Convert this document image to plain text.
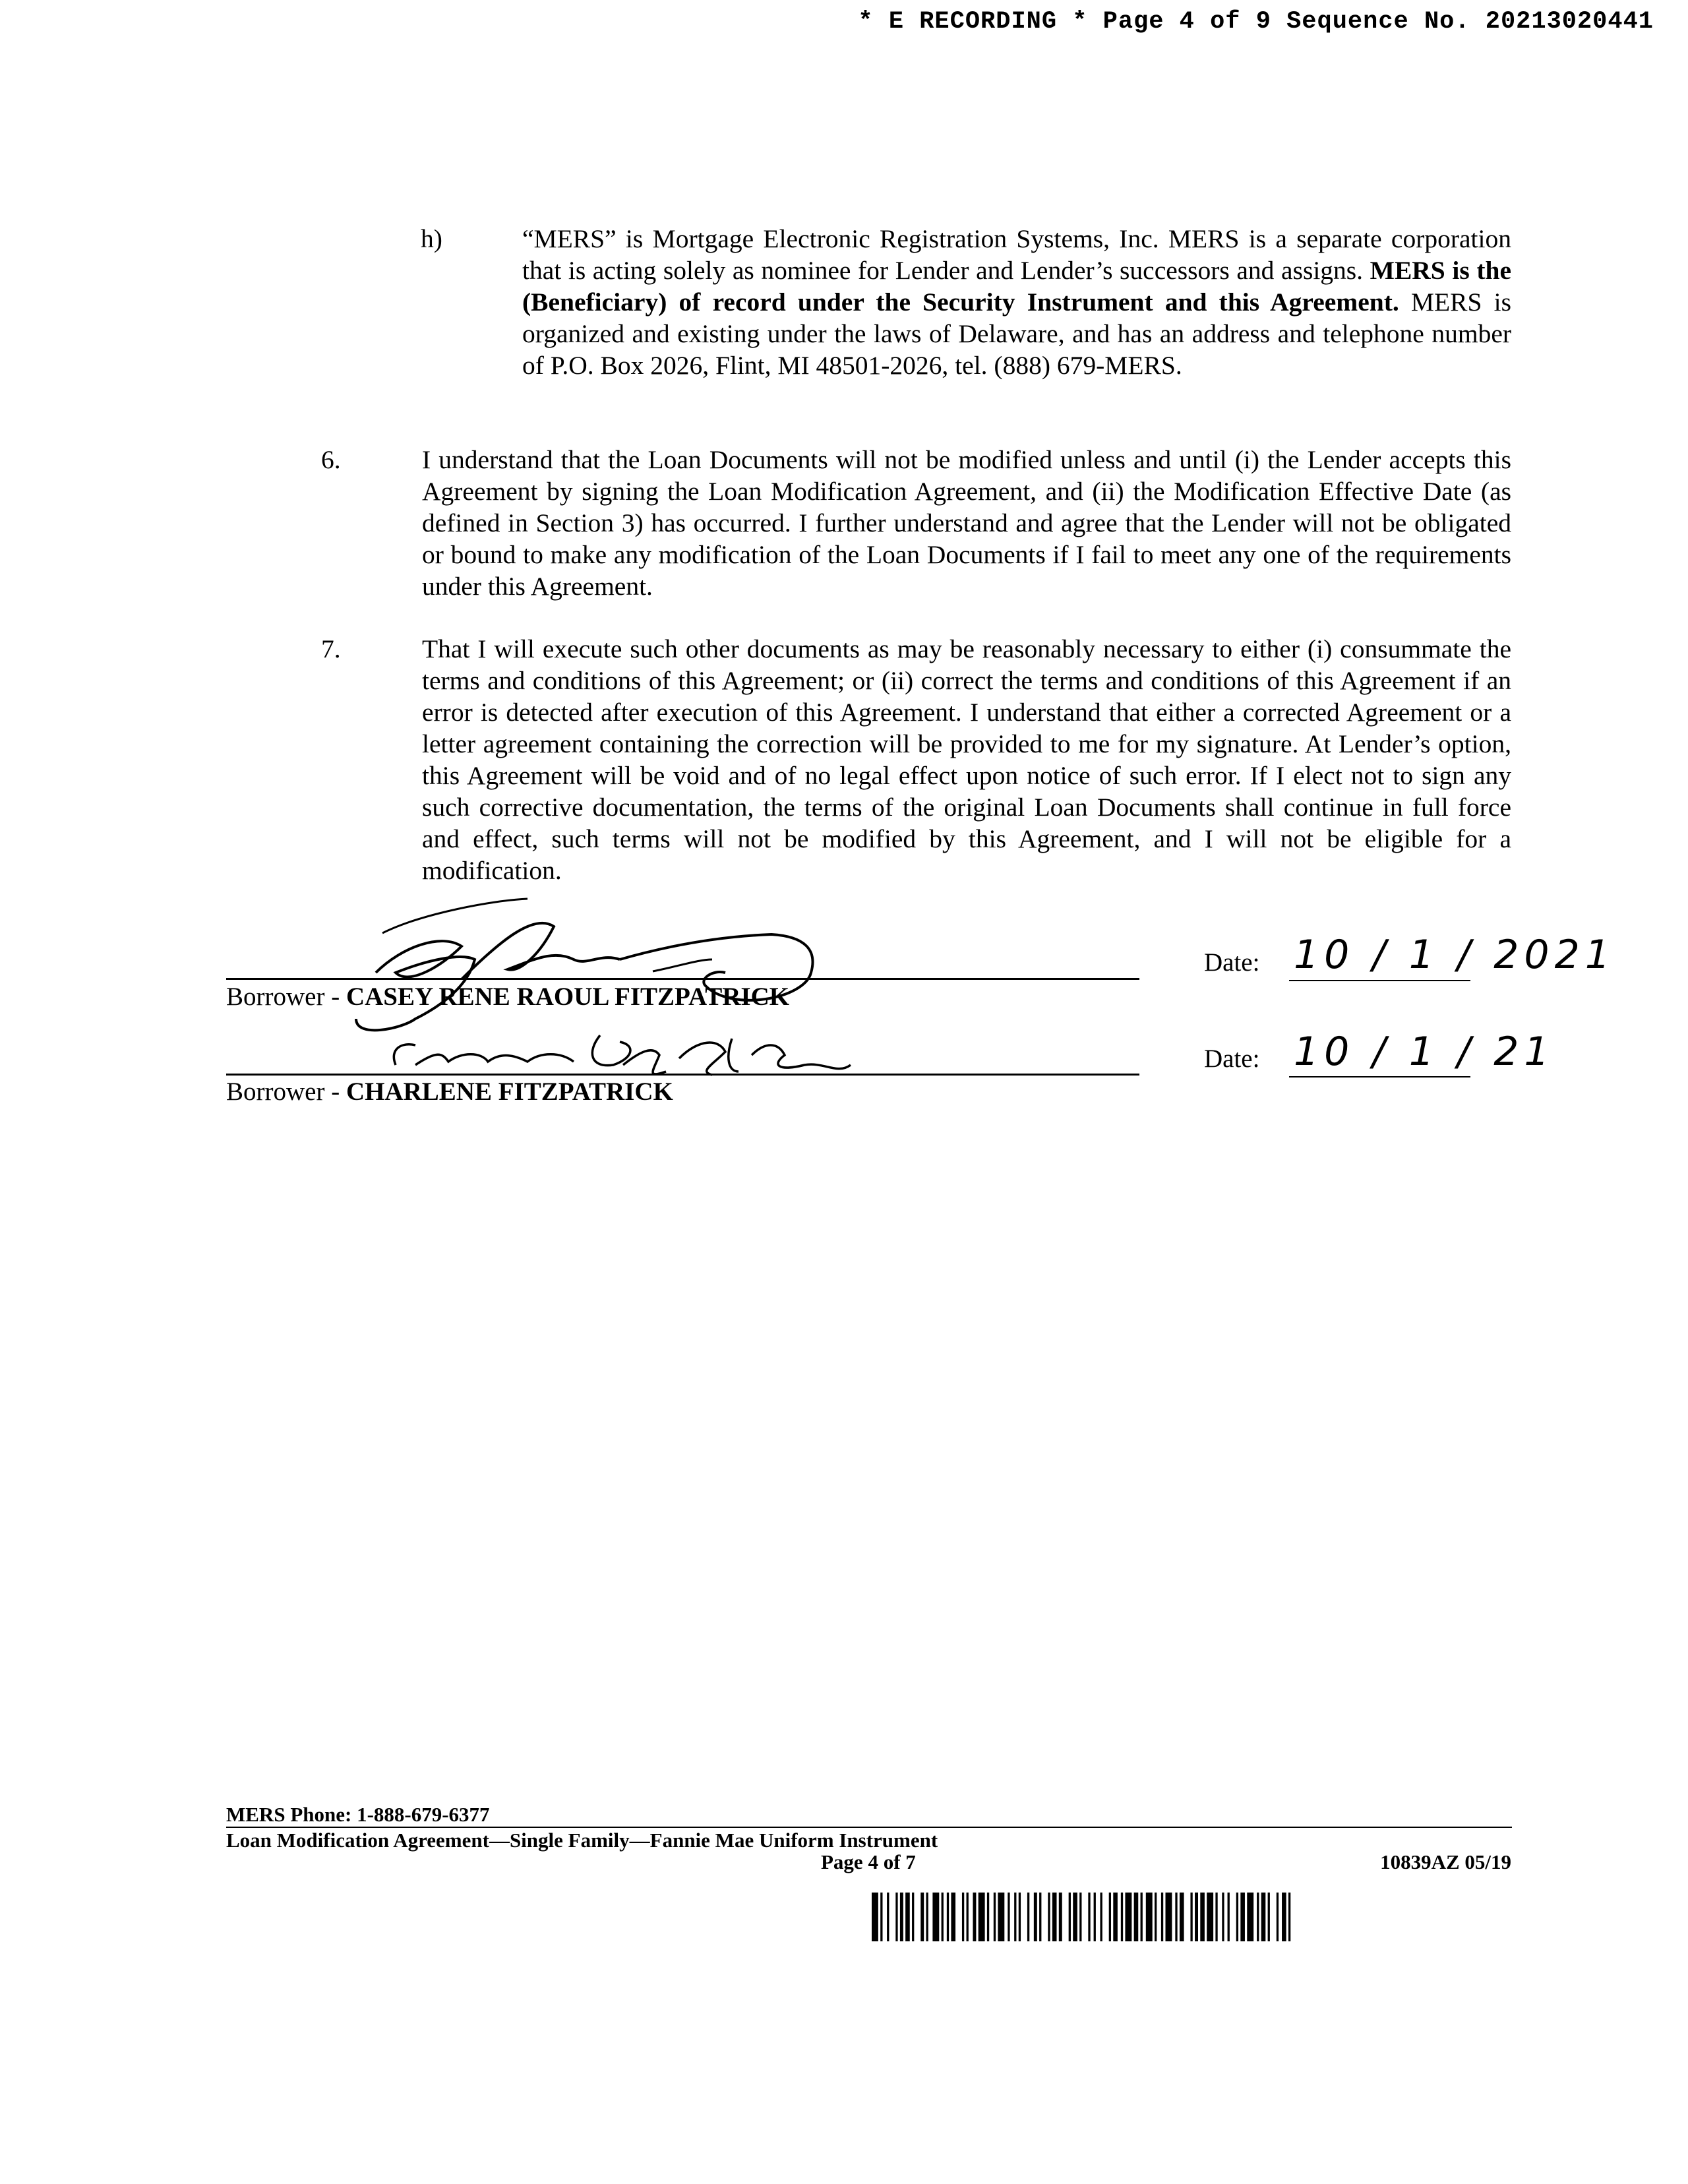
* E RECORDING * Page 4 of 9 Sequence No. 20213020441
h)	“MERS” is Mortgage Electronic Registration Systems, Inc. MERS is a separate corporation that is acting solely as nominee for Lender and Lender’s successors and assigns. MERS is the (Beneficiary) of record under the Security Instrument and this Agreement. MERS is organized and existing under the laws of Delaware, and has an address and telephone number of P.O. Box 2026, Flint, MI 48501-2026, tel. (888) 679-MERS.
6.	I understand that the Loan Documents will not be modified unless and until (i) the Lender accepts this Agreement by signing the Loan Modification Agreement, and (ii) the Modification Effective Date (as defined in Section 3) has occurred. I further understand and agree that the Lender will not be obligated or bound to make any modification of the Loan Documents if I fail to meet any one of the requirements under this Agreement.
7.	That I will execute such other documents as may be reasonably necessary to either (i) consummate the terms and conditions of this Agreement; or (ii) correct the terms and conditions of this Agreement if an error is detected after execution of this Agreement. I understand that either a corrected Agreement or a letter agreement containing the correction will be provided to me for my signature. At Lender’s option, this Agreement will be void and of no legal effect upon notice of such error. If I elect not to sign any such corrective documentation, the terms of the original Loan Documents shall continue in full force and effect, such terms will not be modified by this Agreement, and I will not be eligible for a modification.
Borrower - CASEY RENE RAOUL FITZPATRICK
Date: 10 / 1 / 2021
Borrower - CHARLENE FITZPATRICK
Date: 10 / 1 / 21
MERS Phone: 1-888-679-6377
Loan Modification Agreement—Single Family—Fannie Mae Uniform Instrument
Page 4 of 7	10839AZ 05/19
